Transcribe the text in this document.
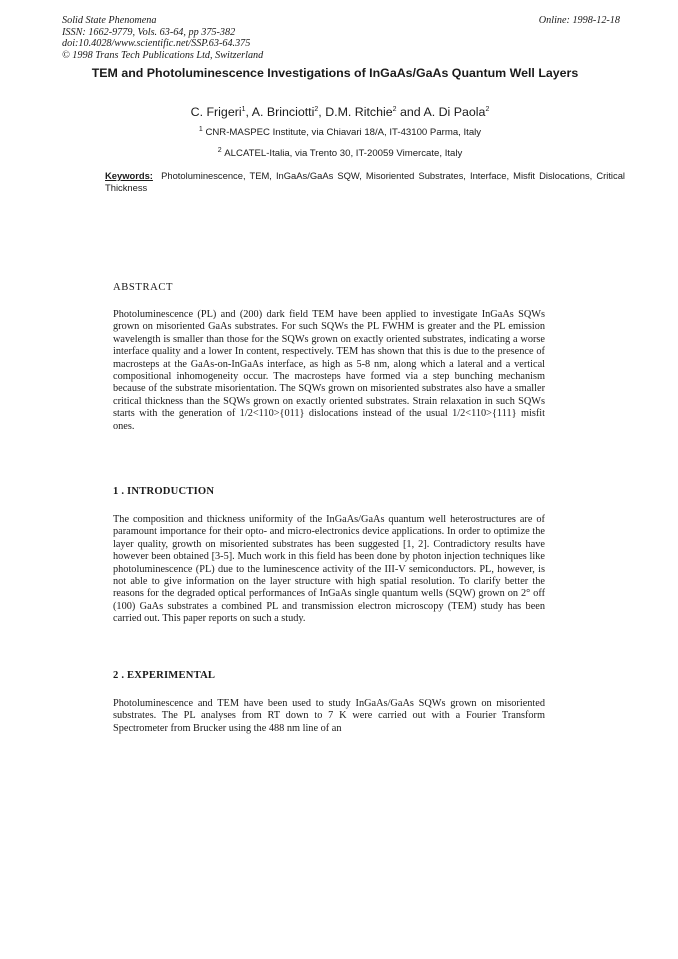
Solid State Phenomena
ISSN: 1662-9779, Vols. 63-64, pp 375-382
doi:10.4028/www.scientific.net/SSP.63-64.375
© 1998 Trans Tech Publications Ltd, Switzerland
Online: 1998-12-18
TEM and Photoluminescence Investigations of InGaAs/GaAs Quantum Well Layers
C. Frigeri$^1$, A. Brinciotti$^2$, D.M. Ritchie$^2$ and A. Di Paola$^2$
$^1$ CNR-MASPEC Institute, via Chiavari 18/A, IT-43100 Parma, Italy
$^2$ ALCATEL-Italia, via Trento 30, IT-20059 Vimercate, Italy
Keywords: Photoluminescence, TEM, InGaAs/GaAs SQW, Misoriented Substrates, Interface, Misfit Dislocations, Critical Thickness
ABSTRACT
Photoluminescence (PL) and (200) dark field TEM have been applied to investigate InGaAs SQWs grown on misoriented GaAs substrates. For such SQWs the PL FWHM is greater and the PL emission wavelength is smaller than those for the SQWs grown on exactly oriented substrates, indicating a worse interface quality and a lower In content, respectively. TEM has shown that this is due to the presence of macrosteps at the GaAs-on-InGaAs interface, as high as 5-8 nm, along which a lateral and a vertical compositional inhomogeneity occur. The macrosteps have formed via a step bunching mechanism because of the substrate misorientation. The SQWs grown on misoriented substrates also have a smaller critical thickness than the SQWs grown on exactly oriented substrates. Strain relaxation in such SQWs starts with the generation of 1/2<110>{011} dislocations instead of the usual 1/2<110>{111} misfit ones.
1 . INTRODUCTION
The composition and thickness uniformity of the InGaAs/GaAs quantum well heterostructures are of paramount importance for their opto- and micro-electronics device applications. In order to optimize the layer quality, growth on misoriented substrates has been suggested [1, 2]. Contradictory results have however been obtained [3-5]. Much work in this field has been done by photon injection techniques like photoluminescence (PL) due to the luminescence activity of the III-V semiconductors. PL, however, is not able to give information on the layer structure with high spatial resolution. To clarify better the reasons for the degraded optical performances of InGaAs single quantum wells (SQW) grown on 2° off (100) GaAs substrates a combined PL and transmission electron microscopy (TEM) study has been carried out. This paper reports on such a study.
2 . EXPERIMENTAL
Photoluminescence and TEM have been used to study InGaAs/GaAs SQWs grown on misoriented substrates. The PL analyses from RT down to 7 K were carried out with a Fourier Transform Spectrometer from Brucker using the 488 nm line of an
